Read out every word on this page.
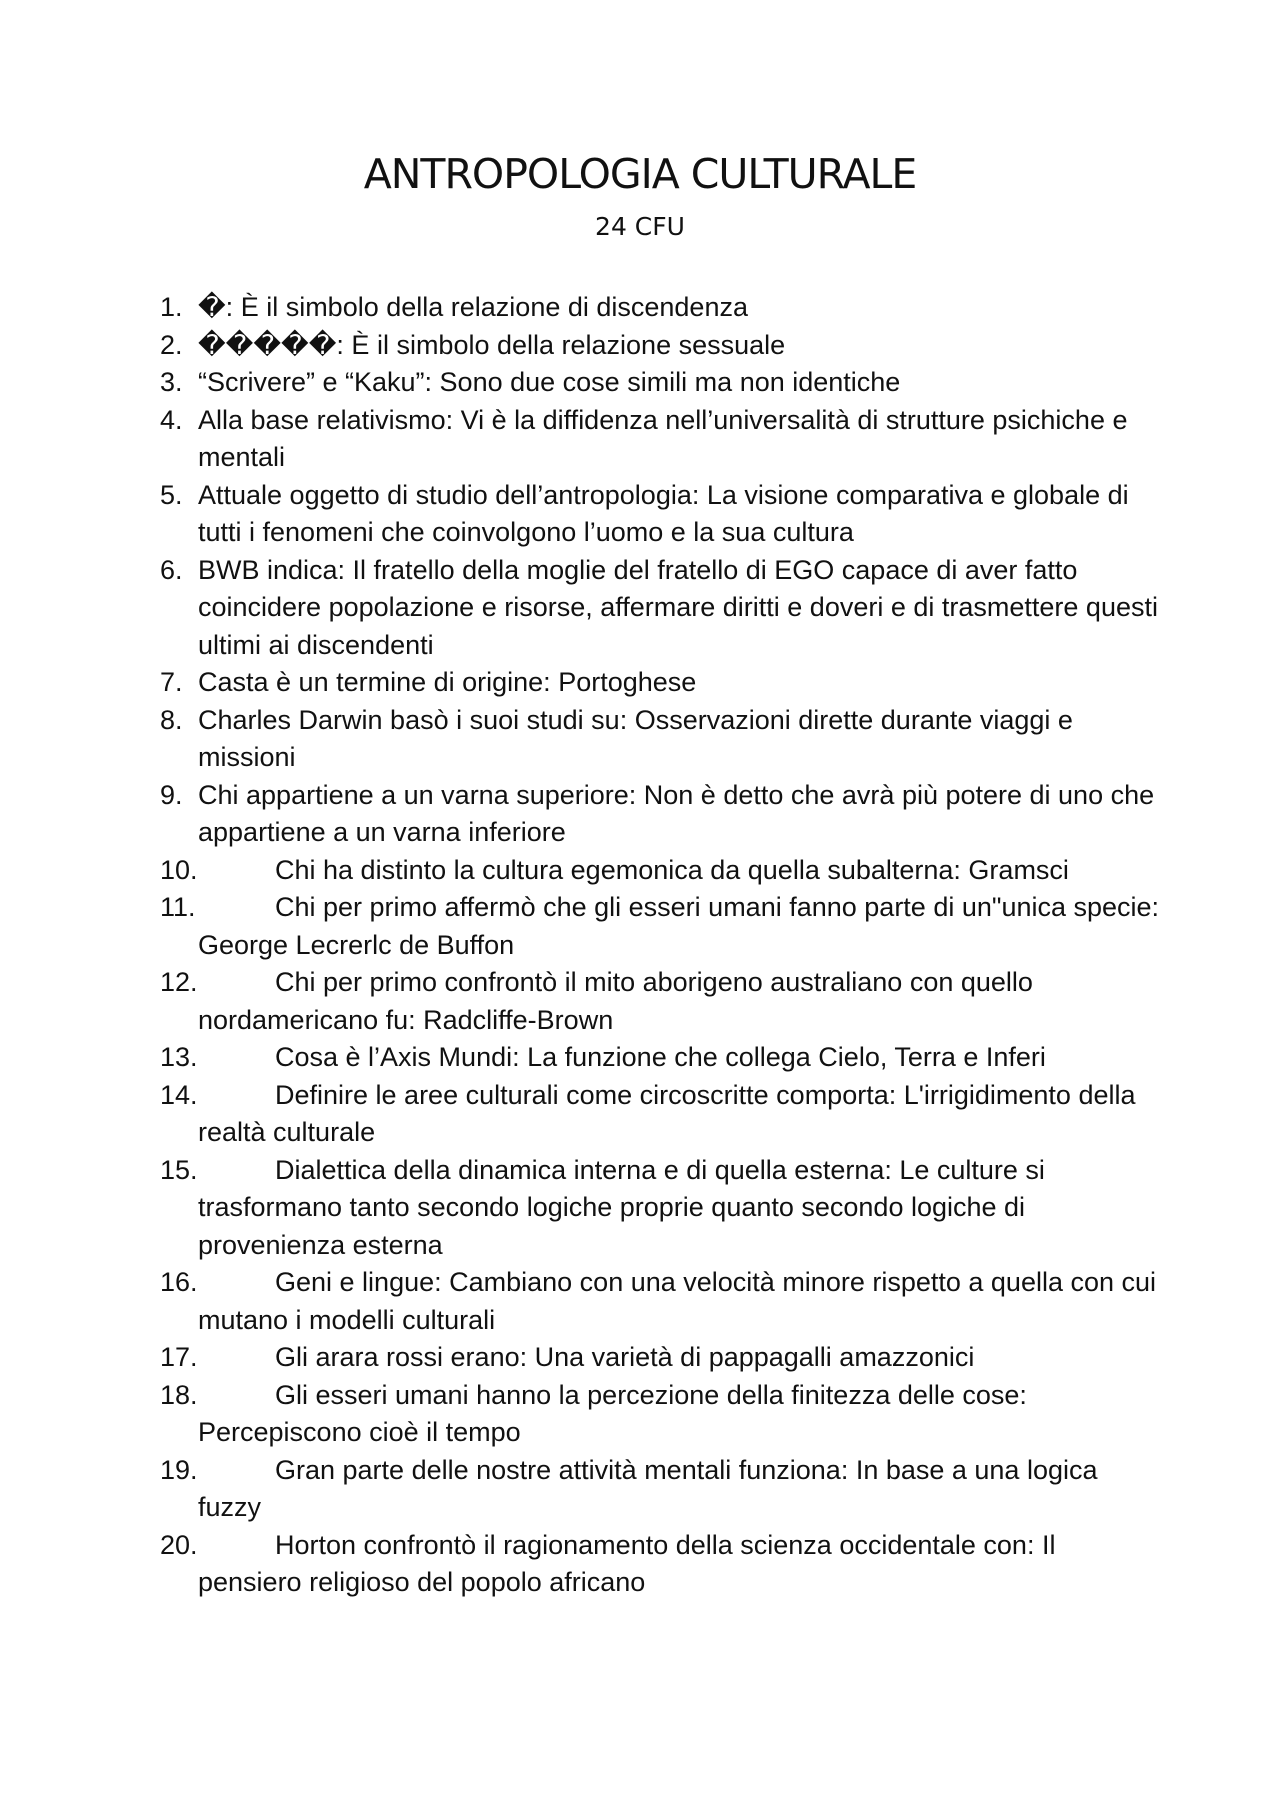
ANTROPOLOGIA CULTURALE
24 CFU
1. �: È il simbolo della relazione di discendenza
2. �����: È il simbolo della relazione sessuale
3. “Scrivere” e “Kaku”: Sono due cose simili ma non identiche
4. Alla base relativismo: Vi è la diffidenza nell’universalità di strutture psichiche e mentali
5. Attuale oggetto di studio dell’antropologia: La visione comparativa e globale di tutti i fenomeni che coinvolgono l’uomo e la sua cultura
6. BWB indica: Il fratello della moglie del fratello di EGO capace di aver fatto coincidere popolazione e risorse, affermare diritti e doveri e di trasmettere questi ultimi ai discendenti
7. Casta è un termine di origine: Portoghese
8. Charles Darwin basò i suoi studi su: Osservazioni dirette durante viaggi e missioni
9. Chi appartiene a un varna superiore: Non è detto che avrà più potere di uno che appartiene a un varna inferiore
10.	Chi ha distinto la cultura egemonica da quella subalterna: Gramsci
11.	Chi per primo affermò che gli esseri umani fanno parte di un"unica specie: George Lecrerlc de Buffon
12.	Chi per primo confrontò il mito aborigeno australiano con quello nordamericano fu: Radcliffe-Brown
13.	Cosa è l’Axis Mundi: La funzione che collega Cielo, Terra e Inferi
14.	Definire le aree culturali come circoscritte comporta: L'irrigidimento della realtà culturale
15.	Dialettica della dinamica interna e di quella esterna: Le culture si trasformano tanto secondo logiche proprie quanto secondo logiche di provenienza esterna
16.	Geni e lingue: Cambiano con una velocità minore rispetto a quella con cui mutano i modelli culturali
17.	Gli arara rossi erano: Una varietà di pappagalli amazzonici
18.	Gli esseri umani hanno la percezione della finitezza delle cose: Percepiscono cioè il tempo
19.	Gran parte delle nostre attività mentali funziona: In base a una logica fuzzy
20.	Horton confrontò il ragionamento della scienza occidentale con: Il pensiero religioso del popolo africano
